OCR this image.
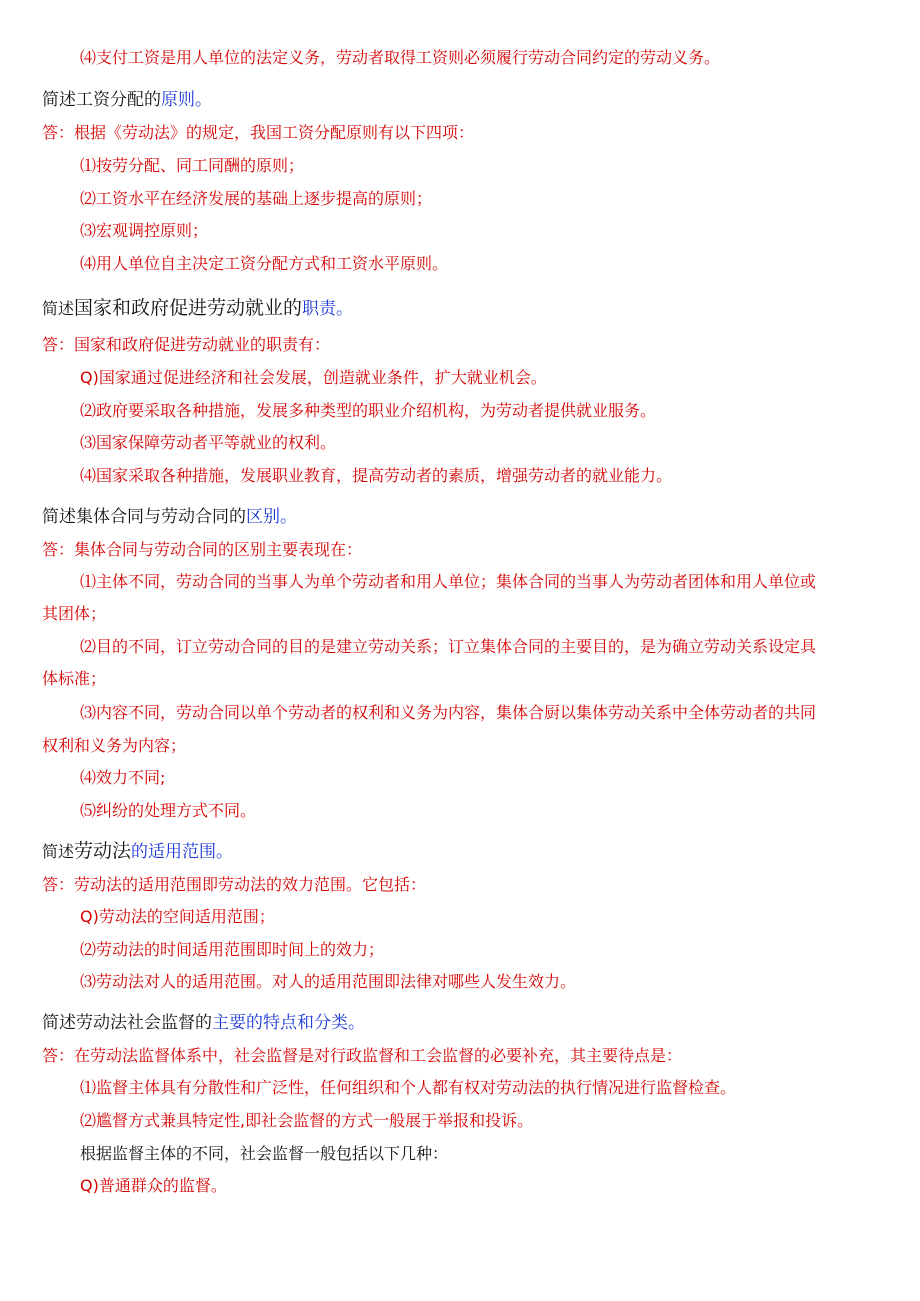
⑷支付工资是用人单位的法定义务，劳动者取得工资则必须履行劳动合同约定的劳动义务。
简述工资分配的原则。
答：根据《劳动法》的规定，我国工资分配原则有以下四项：
⑴按劳分配、同工同酬的原则；
⑵工资水平在经济发展的基础上逐步提高的原则；
⑶宏观调控原则；
⑷用人单位自主决定工资分配方式和工资水平原则。
简述国家和政府促进劳动就业的职责。
答：国家和政府促进劳动就业的职责有：
Q)国家通过促进经济和社会发展，创造就业条件，扩大就业机会。
⑵政府要采取各种措施，发展多种类型的职业介绍机构，为劳动者提供就业服务。
⑶国家保障劳动者平等就业的权利。
⑷国家采取各种措施，发展职业教育，提高劳动者的素质，增强劳动者的就业能力。
简述集体合同与劳动合同的区别。
答：集体合同与劳动合同的区别主要表现在：
⑴主体不同，劳动合同的当事人为单个劳动者和用人单位；集体合同的当事人为劳动者团体和用人单位或
其团体；
⑵目的不同，订立劳动合同的目的是建立劳动关系；订立集体合同的主要目的，是为确立劳动关系设定具
体标准；
⑶内容不同，劳动合同以单个劳动者的权利和义务为内容，集体合厨以集体劳动关系中全体劳动者的共同
权利和义务为内容；
⑷效力不同;
⑸纠纷的处理方式不同。
简述劳动法的适用范围。
答：劳动法的适用范围即劳动法的效力范围。它包括：
Q)劳动法的空间适用范围；
⑵劳动法的时间适用范围即时间上的效力；
⑶劳动法对人的适用范围。对人的适用范围即法律对哪些人发生效力。
简述劳动法社会监督的主要的特点和分类。
答：在劳动法监督体系中，社会监督是对行政监督和工会监督的必要补充，其主要待点是：
⑴监督主体具有分散性和广泛性，任何组织和个人都有权对劳动法的执行情况进行监督检查。
⑵尴督方式兼具特定性,即社会监督的方式一般展于举报和投诉。
根据监督主体的不同，社会监督一般包括以下几种：
Q)普通群众的监督。
